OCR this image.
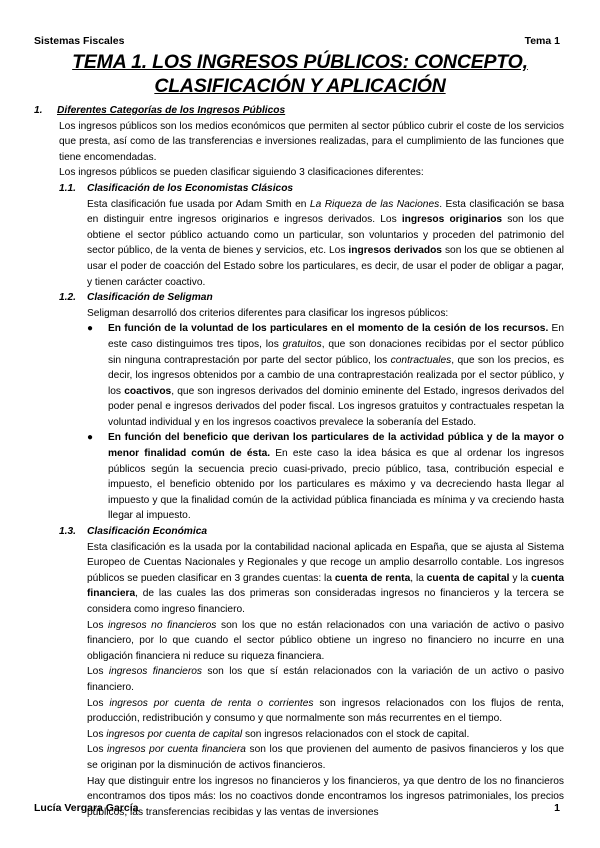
Sistemas Fiscales	Tema 1
TEMA 1. LOS INGRESOS PÚBLICOS: CONCEPTO,
CLASIFICACIÓN Y APLICACIÓN
1.	Diferentes Categorías de los Ingresos Públicos

Los ingresos públicos son los medios económicos que permiten al sector público cubrir el coste de los servicios que presta, así como de las transferencias e inversiones realizadas, para el cumplimiento de las funciones que tiene encomendadas.

Los ingresos públicos se pueden clasificar siguiendo 3 clasificaciones diferentes:

1.1.	Clasificación de los Economistas Clásicos

Esta clasificación fue usada por Adam Smith en La Riqueza de las Naciones. Esta clasificación se basa en distinguir entre ingresos originarios e ingresos derivados. Los ingresos originarios son los que obtiene el sector público actuando como un particular, son voluntarios y proceden del patrimonio del sector público, de la venta de bienes y servicios, etc. Los ingresos derivados son los que se obtienen al usar el poder de coacción del Estado sobre los particulares, es decir, de usar el poder de obligar a pagar, y tienen carácter coactivo.

1.2.	Clasificación de Seligman

Seligman desarrolló dos criterios diferentes para clasificar los ingresos públicos:

●	En función de la voluntad de los particulares en el momento de la cesión de los recursos. En este caso distinguimos tres tipos, los gratuitos, que son donaciones recibidas por el sector público sin ninguna contraprestación por parte del sector público, los contractuales, que son los precios, es decir, los ingresos obtenidos por a cambio de una contraprestación realizada por el sector público, y los coactivos, que son ingresos derivados del dominio eminente del Estado, ingresos derivados del poder penal e ingresos derivados del poder fiscal. Los ingresos gratuitos y contractuales respetan la voluntad individual y en los ingresos coactivos prevalece la soberanía del Estado.
●	En función del beneficio que derivan los particulares de la actividad pública y de la mayor o menor finalidad común de ésta. En este caso la idea básica es que al ordenar los ingresos públicos según la secuencia precio cuasi-privado, precio público, tasa, contribución especial e impuesto, el beneficio obtenido por los particulares es máximo y va decreciendo hasta llegar al impuesto y que la finalidad común de la actividad pública financiada es mínima y va creciendo hasta llegar al impuesto.
1.3.	Clasificación Económica

Esta clasificación es la usada por la contabilidad nacional aplicada en España, que se ajusta al Sistema Europeo de Cuentas Nacionales y Regionales y que recoge un amplio desarrollo contable. Los ingresos públicos se pueden clasificar en 3 grandes cuentas: la cuenta de renta, la cuenta de capital y la cuenta financiera, de las cuales las dos primeras son consideradas ingresos no financieros y la tercera se considera como ingreso financiero.

Los ingresos no financieros son los que no están relacionados con una variación de activo o pasivo financiero, por lo que cuando el sector público obtiene un ingreso no financiero no incurre en una obligación financiera ni reduce su riqueza financiera.

Los ingresos financieros son los que sí están relacionados con la variación de un activo o pasivo financiero.

Los ingresos por cuenta de renta o corrientes son ingresos relacionados con los flujos de renta, producción, redistribución y consumo y que normalmente son más recurrentes en el tiempo.

Los ingresos por cuenta de capital son ingresos relacionados con el stock de capital.

Los ingresos por cuenta financiera son los que provienen del aumento de pasivos financieros y los que se originan por la disminución de activos financieros.

Hay que distinguir entre los ingresos no financieros y los financieros, ya que dentro de los no financieros encontramos dos tipos más: los no coactivos donde encontramos los ingresos patrimoniales, los precios públicos, las transferencias recibidas y las ventas de inversiones

Lucía Vergara García	1
